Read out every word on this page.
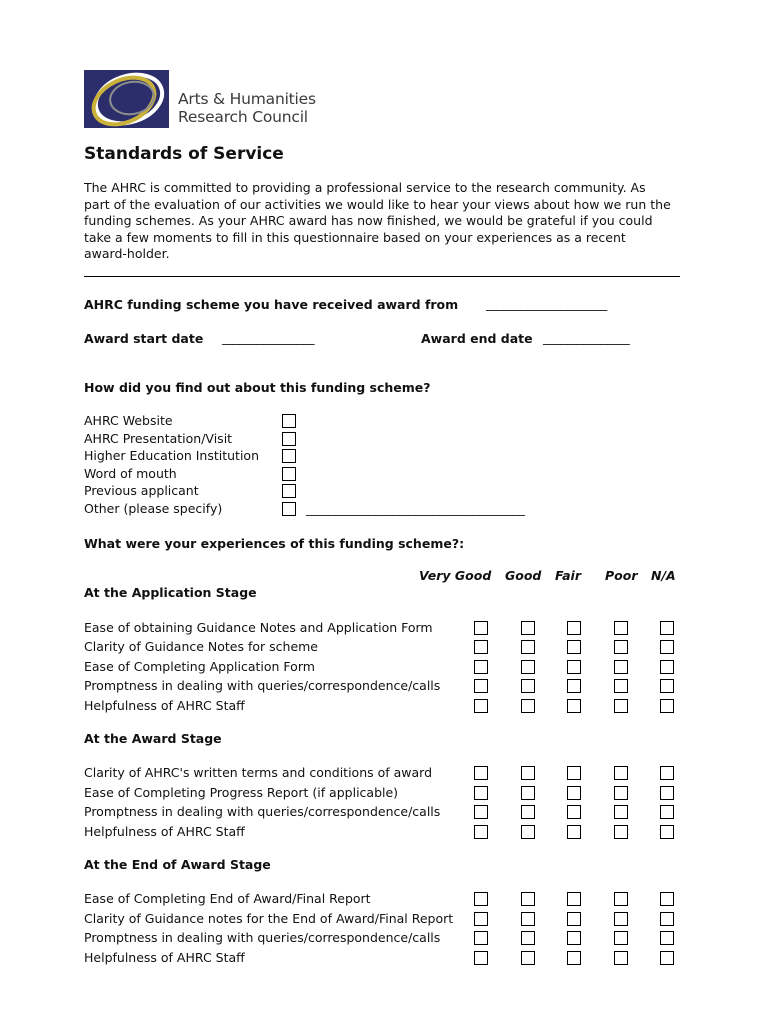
Arts & Humanities
Research Council
Standards of Service
The AHRC is committed to providing a professional service to the research community. As
part of the evaluation of our activities we would like to hear your views about how we run the
funding schemes. As your AHRC award has now finished, we would be grateful if you could
take a few moments to fill in this questionnaire based on your experiences as a recent
award-holder.
AHRC funding scheme you have received award from _____________________
Award start date ________________	Award end date _______________
How did you find out about this funding scheme?
AHRC Website
AHRC Presentation/Visit
Higher Education Institution
Word of mouth
Previous applicant
Other (please specify)	______________________________________
What were your experiences of this funding scheme?:
Very Good Good Fair Poor N/A
At the Application Stage
Ease of obtaining Guidance Notes and Application Form
Clarity of Guidance Notes for scheme
Ease of Completing Application Form
Promptness in dealing with queries/correspondence/calls
Helpfulness of AHRC Staff
At the Award Stage
Clarity of AHRC's written terms and conditions of award
Ease of Completing Progress Report (if applicable)
Promptness in dealing with queries/correspondence/calls
Helpfulness of AHRC Staff
At the End of Award Stage
Ease of Completing End of Award/Final Report
Clarity of Guidance notes for the End of Award/Final Report
Promptness in dealing with queries/correspondence/calls
Helpfulness of AHRC Staff
